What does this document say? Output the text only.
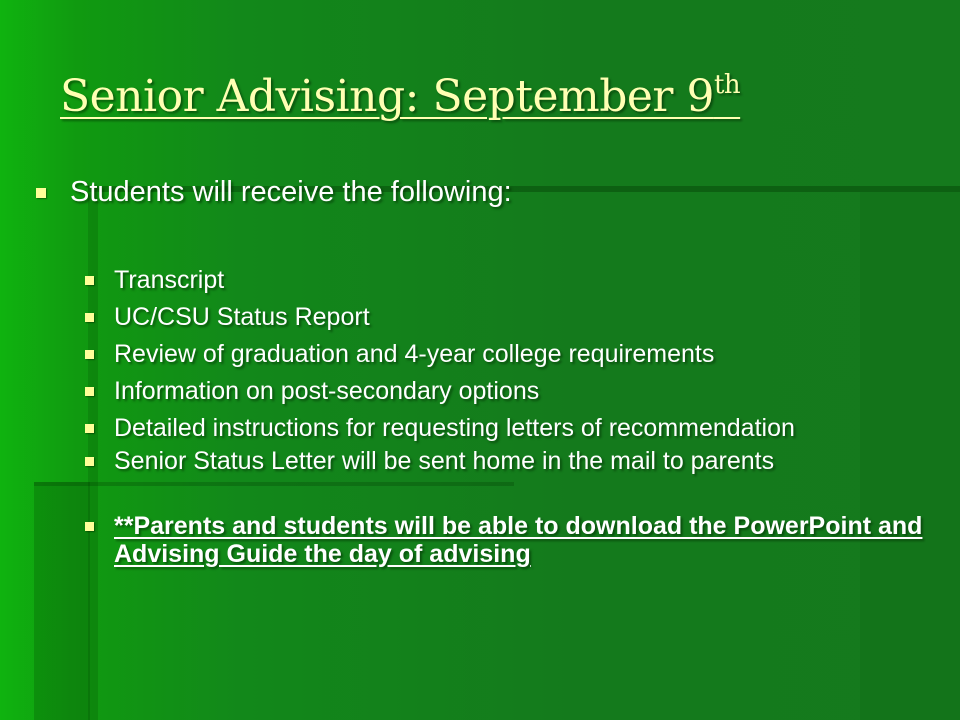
Senior Advising: September 9th
Students will receive the following:
Transcript
UC/CSU Status Report
Review of graduation and 4-year college requirements
Information on post-secondary options
Detailed instructions for requesting letters of recommendation
Senior Status Letter will be sent home in the mail to parents
**Parents and students will be able to download the PowerPoint and Advising Guide the day of advising
